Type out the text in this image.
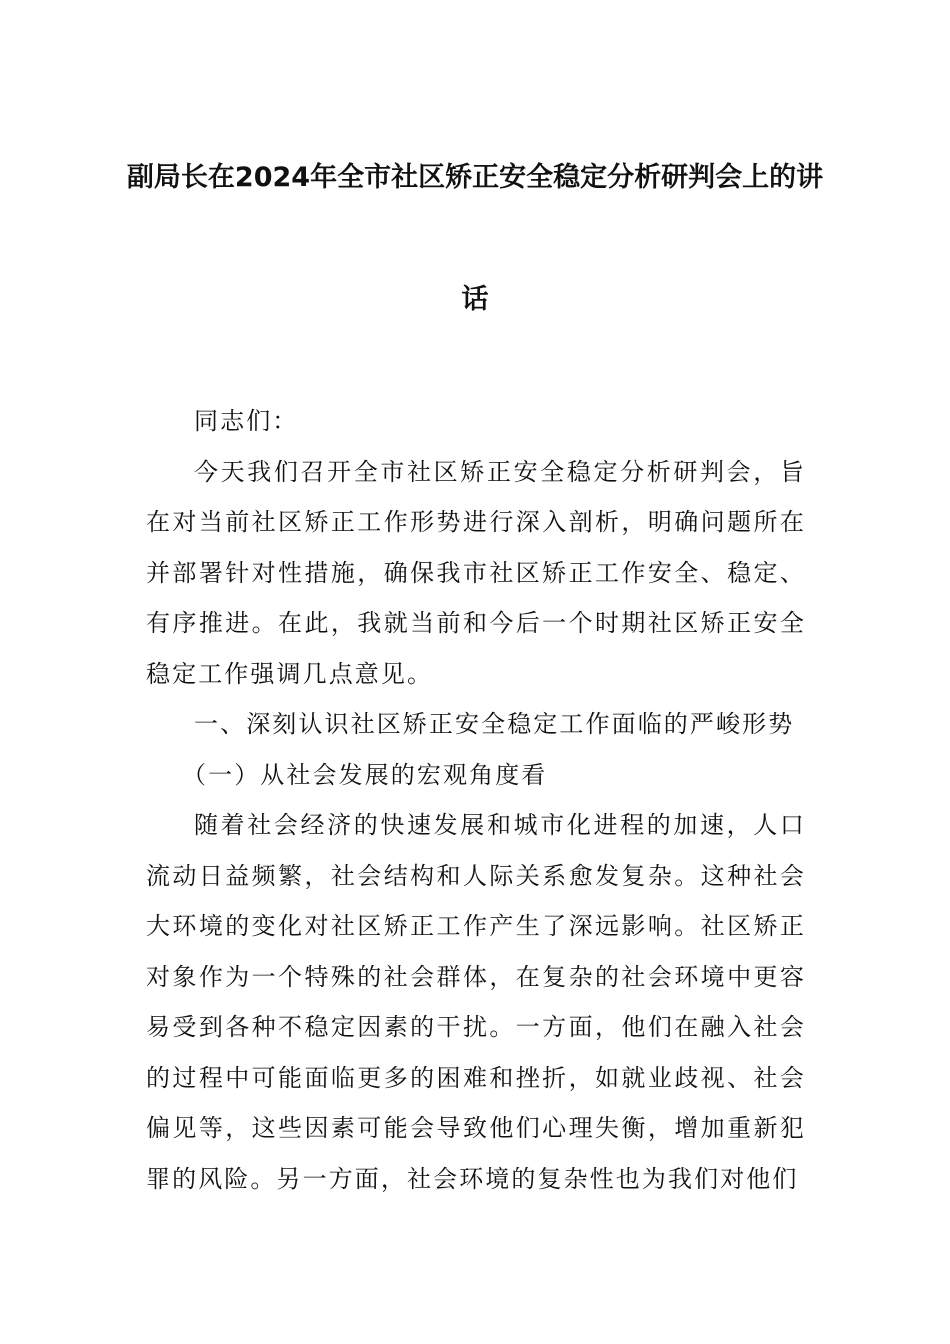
副局长在2024年全市社区矫正安全稳定分析研判会上的讲
话

同志们：

今天我们召开全市社区矫正安全稳定分析研判会，旨在对当前社区矫正工作形势进行深入剖析，明确问题所在并部署针对性措施，确保我市社区矫正工作安全、稳定、有序推进。在此，我就当前和今后一个时期社区矫正安全稳定工作强调几点意见。

一、深刻认识社区矫正安全稳定工作面临的严峻形势

（一）从社会发展的宏观角度看

随着社会经济的快速发展和城市化进程的加速，人口流动日益频繁，社会结构和人际关系愈发复杂。这种社会大环境的变化对社区矫正工作产生了深远影响。社区矫正对象作为一个特殊的社会群体，在复杂的社会环境中更容易受到各种不稳定因素的干扰。一方面，他们在融入社会的过程中可能面临更多的困难和挫折，如就业歧视、社会偏见等，这些因素可能会导致他们心理失衡，增加重新犯罪的风险。另一方面，社会环境的复杂性也为我们对他们
